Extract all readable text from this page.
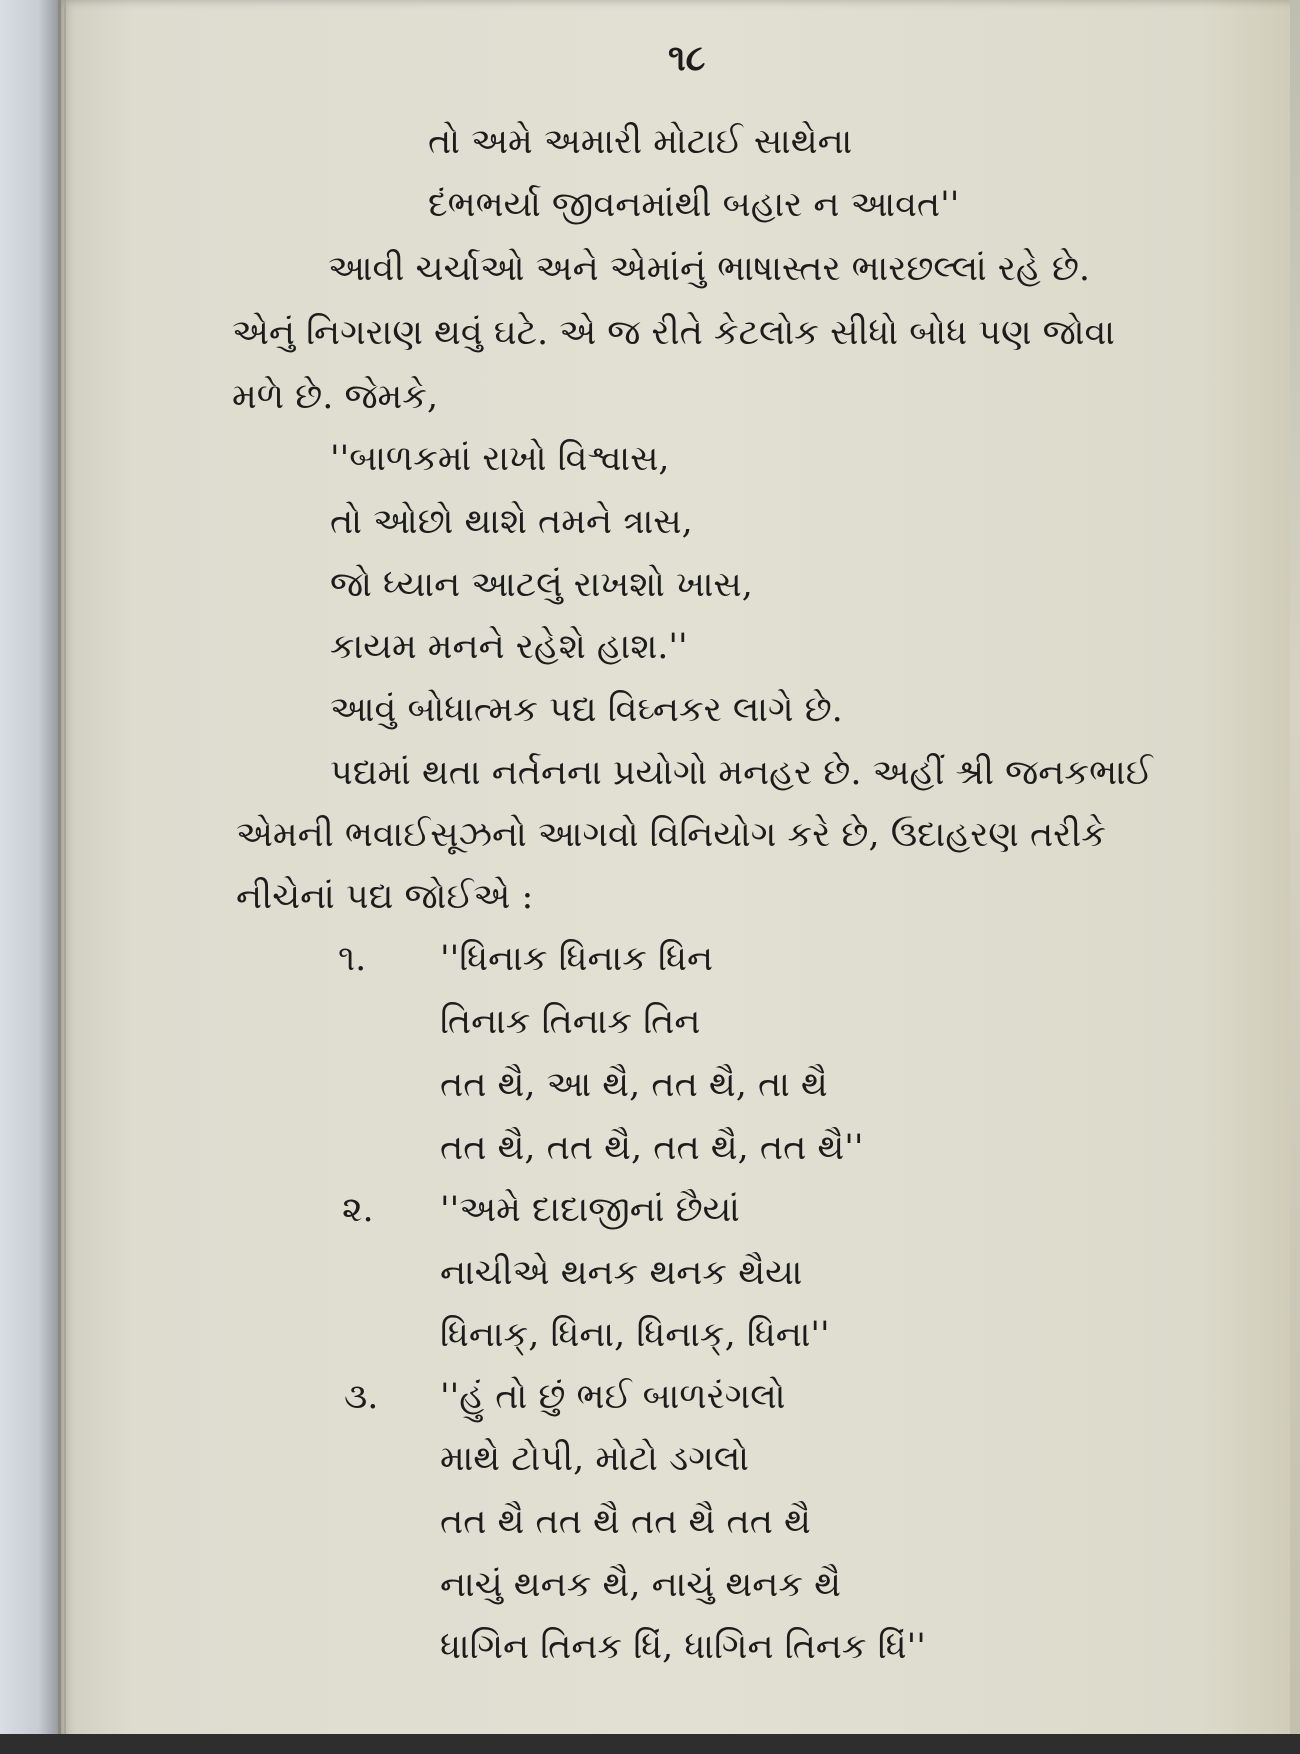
૧૮
તો અમે અમારી મોટાઈ સાથેના
દંભભર્યા જીવનમાંથી બહાર ન આવત''
આવી ચર્ચાઓ અને એમાંનું ભાષાસ્તર ભારછલ્લાં રહે છે.
એનું નિગરાણ થવું ઘટે. એ જ રીતે કેટલોક સીધો બોધ પણ જોવા
મળે છે. જેમકે,
''બાળકમાં રાખો વિશ્વાસ,
તો ઓછો થાશે તમને ત્રાસ,
જો ધ્યાન આટલું રાખશો ખાસ,
કાયમ મનને રહેશે હાશ.''
આવું બોધાત્મક પદ્ય વિઘ્નકર લાગે છે.
પદ્યમાં થતા નર્તનના પ્રયોગો મનહર છે. અહીં શ્રી જનકભાઈ
એમની ભવાઈસૂઝનો આગવો વિનિયોગ કરે છે, ઉદાહરણ તરીકે
નીચેનાં પદ્ય જોઈએ :
૧. ''ધિનાક ધિનાક ધિન
તિનાક તિનાક તિન
તત થૈ, આ થૈ, તત થૈ, તા થૈ
તત થૈ, તત થૈ, તત થૈ, તત થૈ''
૨. ''અમે દાદાજીનાં છૈયાં
નાચીએ થનક થનક થૈયા
ધિનાક્, ધિના, ધિનાક્, ધિના''
૩. ''હું તો છું ભઈ બાળરંગલો
માથે ટોપી, મોટો ડગલો
તત થૈ તત થૈ તત થૈ તત થૈ
નાચું થનક થૈ, નાચું થનક થૈ
ધાગિન તિનક ધિં, ધાગિન તિનક ધિં''
